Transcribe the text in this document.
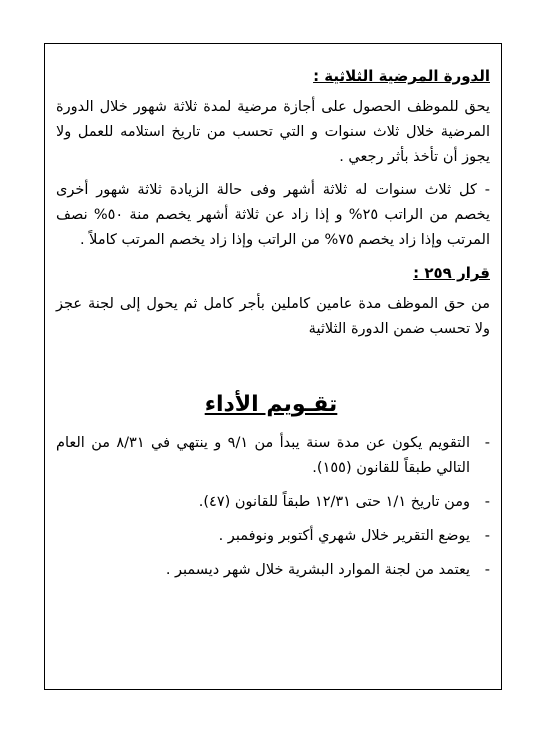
الدورة المرضية الثلاثية :

يحق للموظف الحصول على أجازة مرضية لمدة ثلاثة شهور خلال الدورة المرضية خلال ثلاث سنوات و التي تحسب من تاريخ استلامه للعمل ولا يجوز أن تأخذ بأثر رجعي .

- كل ثلاث سنوات له ثلاثة أشهر وفى حالة الزيادة ثلاثة شهور أخرى يخصم من الراتب ٢٥% و إذا زاد عن ثلاثة أشهر يخصم منة ٥٠% نصف المرتب وإذا زاد يخصم ٧٥% من الراتب وإذا زاد يخصم المرتب كاملاً .

قرار ٢٥٩ :

من حق الموظف مدة عامين كاملين بأجر كامل ثم يحول إلى لجنة عجز ولا تحسب ضمن الدورة الثلاثية

تقـويم الأداء
-
التقويم يكون عن مدة سنة يبدأ من ٩/١ و ينتهي في ٨/٣١ من العام التالي طبقاً للقانون (١٥٥).
-
ومن تاريخ ١/١ حتى ١٢/٣١ طبقاً للقانون (٤٧).
-
يوضع التقرير خلال شهري أكتوبر ونوفمبر .
-
يعتمد من لجنة الموارد البشرية خلال شهر ديسمبر .
